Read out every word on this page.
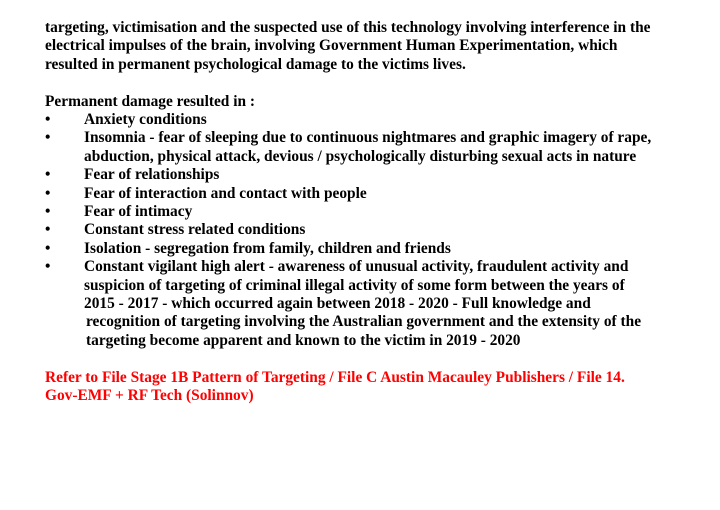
targeting, victimisation and the suspected use of this technology involving interference in the
electrical impulses of the brain, involving Government Human Experimentation, which
resulted in permanent psychological damage to the victims lives.

Permanent damage resulted in :

•	Anxiety conditions
•	Insomnia - fear of sleeping due to continuous nightmares and graphic imagery of rape,
abduction, physical attack, devious / psychologically disturbing sexual acts in nature
•	Fear of relationships
•	Fear of interaction and contact with people
•	Fear of intimacy
•	Constant stress related conditions
•	Isolation - segregation from family, children and friends
•	Constant vigilant high alert - awareness of unusual activity, fraudulent activity and
suspicion of targeting of criminal illegal activity of some form between the years of
2015 - 2017 - which occurred again between 2018 - 2020 - Full knowledge and
recognition of targeting involving the Australian government and the extensity of the
targeting become apparent and known to the victim in 2019 - 2020

Refer to File Stage 1B Pattern of Targeting / File C Austin Macauley Publishers / File 14.
Gov-EMF + RF Tech (Solinnov)
